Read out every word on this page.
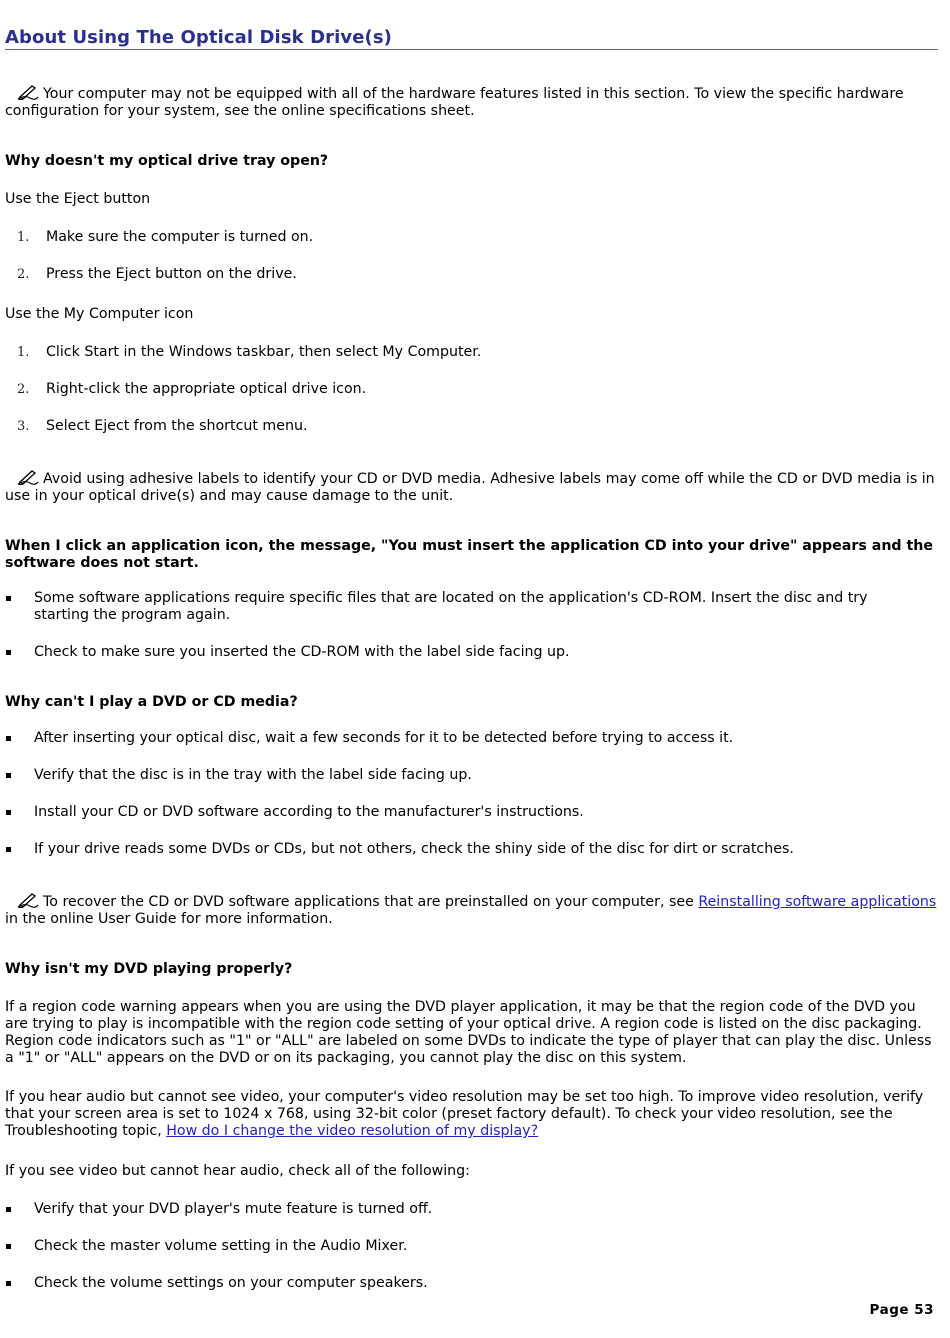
About Using The Optical Disk Drive(s)
Your computer may not be equipped with all of the hardware features listed in this section. To view the specific hardware configuration for your system, see the online specifications sheet.
Why doesn't my optical drive tray open?
Use the Eject button
1. Make sure the computer is turned on.
2. Press the Eject button on the drive.
Use the My Computer icon
1. Click Start in the Windows taskbar, then select My Computer.
2. Right-click the appropriate optical drive icon.
3. Select Eject from the shortcut menu.
Avoid using adhesive labels to identify your CD or DVD media. Adhesive labels may come off while the CD or DVD media is in use in your optical drive(s) and may cause damage to the unit.
When I click an application icon, the message, "You must insert the application CD into your drive" appears and the software does not start.
Some software applications require specific files that are located on the application's CD-ROM. Insert the disc and try starting the program again.
Check to make sure you inserted the CD-ROM with the label side facing up.
Why can't I play a DVD or CD media?
After inserting your optical disc, wait a few seconds for it to be detected before trying to access it.
Verify that the disc is in the tray with the label side facing up.
Install your CD or DVD software according to the manufacturer's instructions.
If your drive reads some DVDs or CDs, but not others, check the shiny side of the disc for dirt or scratches.
To recover the CD or DVD software applications that are preinstalled on your computer, see Reinstalling software applications in the online User Guide for more information.
Why isn't my DVD playing properly?
If a region code warning appears when you are using the DVD player application, it may be that the region code of the DVD you are trying to play is incompatible with the region code setting of your optical drive. A region code is listed on the disc packaging. Region code indicators such as "1" or "ALL" are labeled on some DVDs to indicate the type of player that can play the disc. Unless a "1" or "ALL" appears on the DVD or on its packaging, you cannot play the disc on this system.
If you hear audio but cannot see video, your computer's video resolution may be set too high. To improve video resolution, verify that your screen area is set to 1024 x 768, using 32-bit color (preset factory default). To check your video resolution, see the Troubleshooting topic, How do I change the video resolution of my display?
If you see video but cannot hear audio, check all of the following:
Verify that your DVD player's mute feature is turned off.
Check the master volume setting in the Audio Mixer.
Check the volume settings on your computer speakers.
Page 53
